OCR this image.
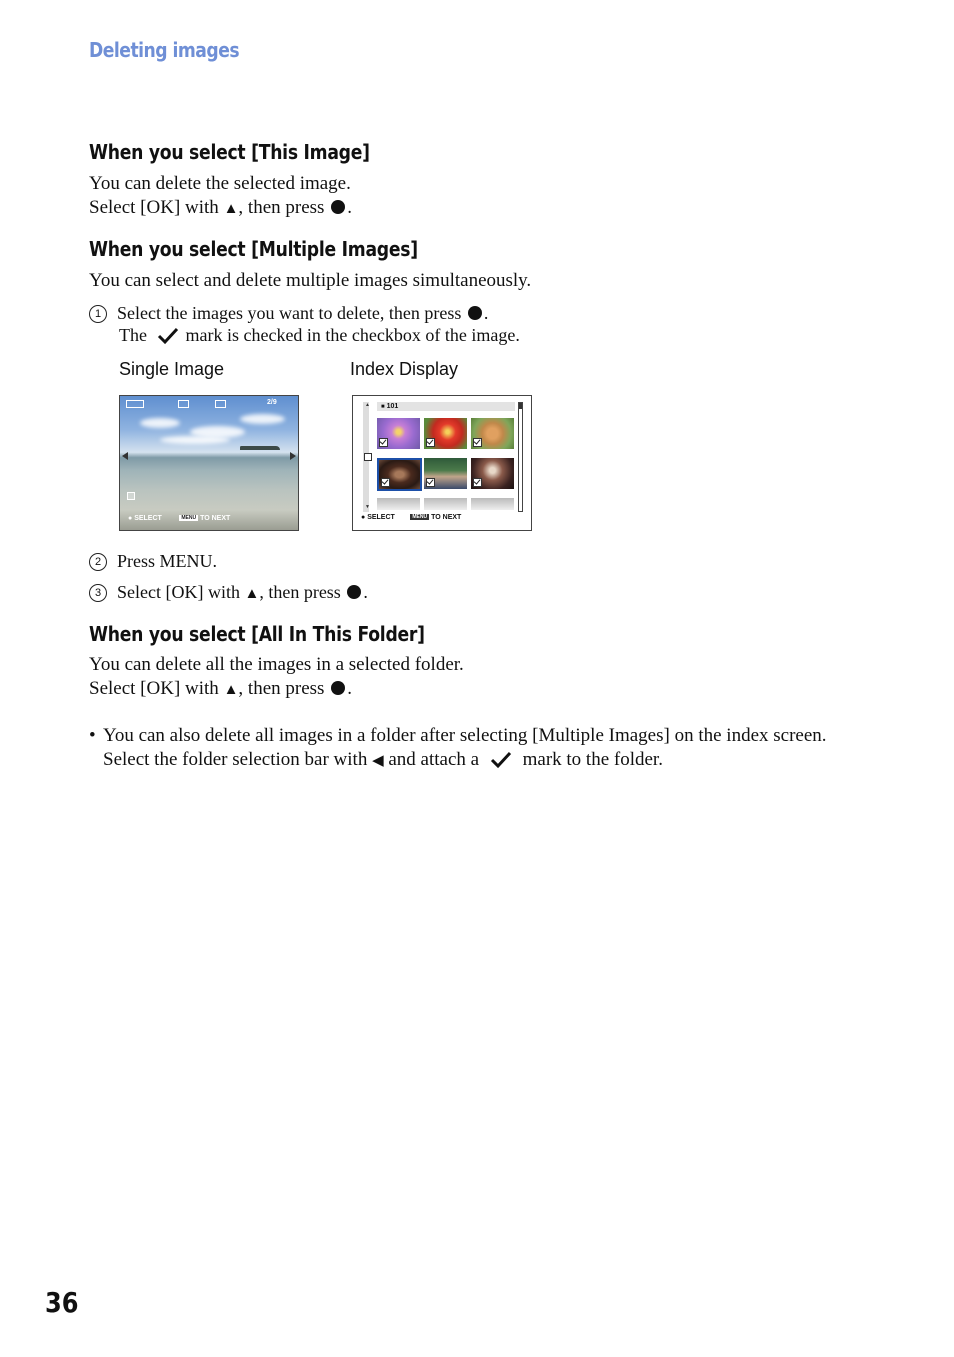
Deleting images
When you select [This Image]
You can delete the selected image.
Select [OK] with ▲, then press .
When you select [Multiple Images]
You can select and delete multiple images simultaneously.
1 Select the images you want to delete, then press .
The mark is checked in the checkbox of the image.
Single Image	Index Display
2/9
● SELECT	MENU TO NEXT
▲
▼
■ 101
● SELECT	MENU TO NEXT
2 Press MENU.
3 Select [OK] with ▲, then press .
When you select [All In This Folder]
You can delete all the images in a selected folder.
Select [OK] with ▲, then press .
• You can also delete all images in a folder after selecting [Multiple Images] on the index screen. Select the folder selection bar with ◀ and attach a  mark to the folder.
36
